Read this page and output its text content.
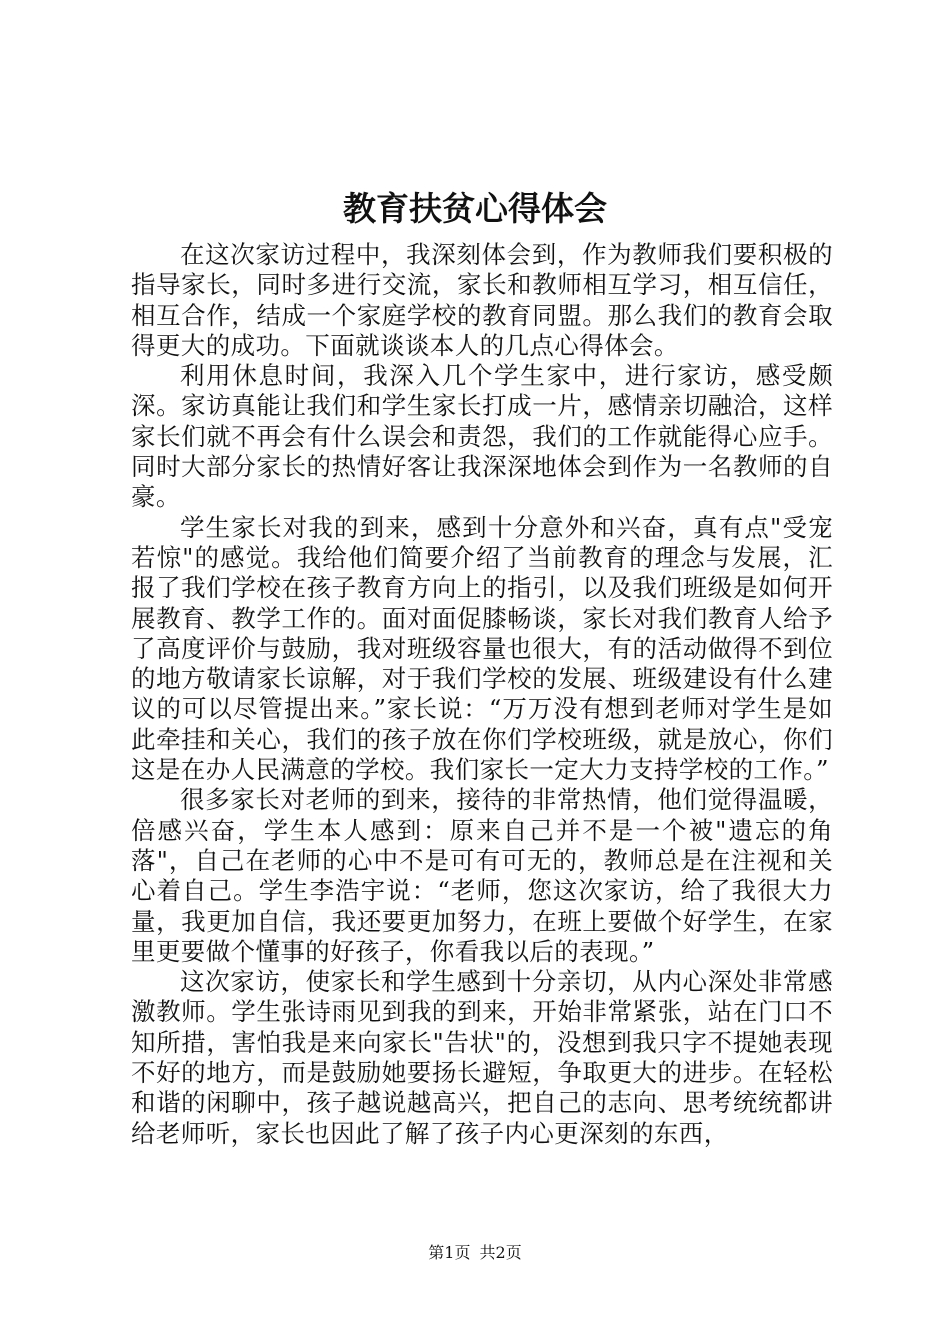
教育扶贫心得体会

在这次家访过程中，我深刻体会到，作为教师我们要积极的指导家长，同时多进行交流，家长和教师相互学习，相互信任，相互合作，结成一个家庭学校的教育同盟。那么我们的教育会取得更大的成功。下面就谈谈本人的几点心得体会。

利用休息时间，我深入几个学生家中，进行家访，感受颇深。家访真能让我们和学生家长打成一片，感情亲切融洽，这样家长们就不再会有什么误会和责怨，我们的工作就能得心应手。同时大部分家长的热情好客让我深深地体会到作为一名教师的自豪。

学生家长对我的到来，感到十分意外和兴奋，真有点"受宠若惊"的感觉。我给他们简要介绍了当前教育的理念与发展，汇报了我们学校在孩子教育方向上的指引，以及我们班级是如何开展教育、教学工作的。面对面促膝畅谈，家长对我们教育人给予了高度评价与鼓励，我对班级容量也很大，有的活动做得不到位的地方敬请家长谅解，对于我们学校的发展、班级建设有什么建议的可以尽管提出来。”家长说：“万万没有想到老师对学生是如此牵挂和关心，我们的孩子放在你们学校班级，就是放心，你们这是在办人民满意的学校。我们家长一定大力支持学校的工作。”

很多家长对老师的到来，接待的非常热情，他们觉得温暖，倍感兴奋，学生本人感到：原来自己并不是一个被"遗忘的角落"，自己在老师的心中不是可有可无的，教师总是在注视和关心着自己。学生李浩宇说：“老师，您这次家访，给了我很大力量，我更加自信，我还要更加努力，在班上要做个好学生，在家里更要做个懂事的好孩子，你看我以后的表现。”

这次家访，使家长和学生感到十分亲切，从内心深处非常感激教师。学生张诗雨见到我的到来，开始非常紧张，站在门口不知所措，害怕我是来向家长"告状"的，没想到我只字不提她表现不好的地方，而是鼓励她要扬长避短，争取更大的进步。在轻松和谐的闲聊中，孩子越说越高兴，把自己的志向、思考统统都讲给老师听，家长也因此了解了孩子内心更深刻的东西，

第1页 共2页
